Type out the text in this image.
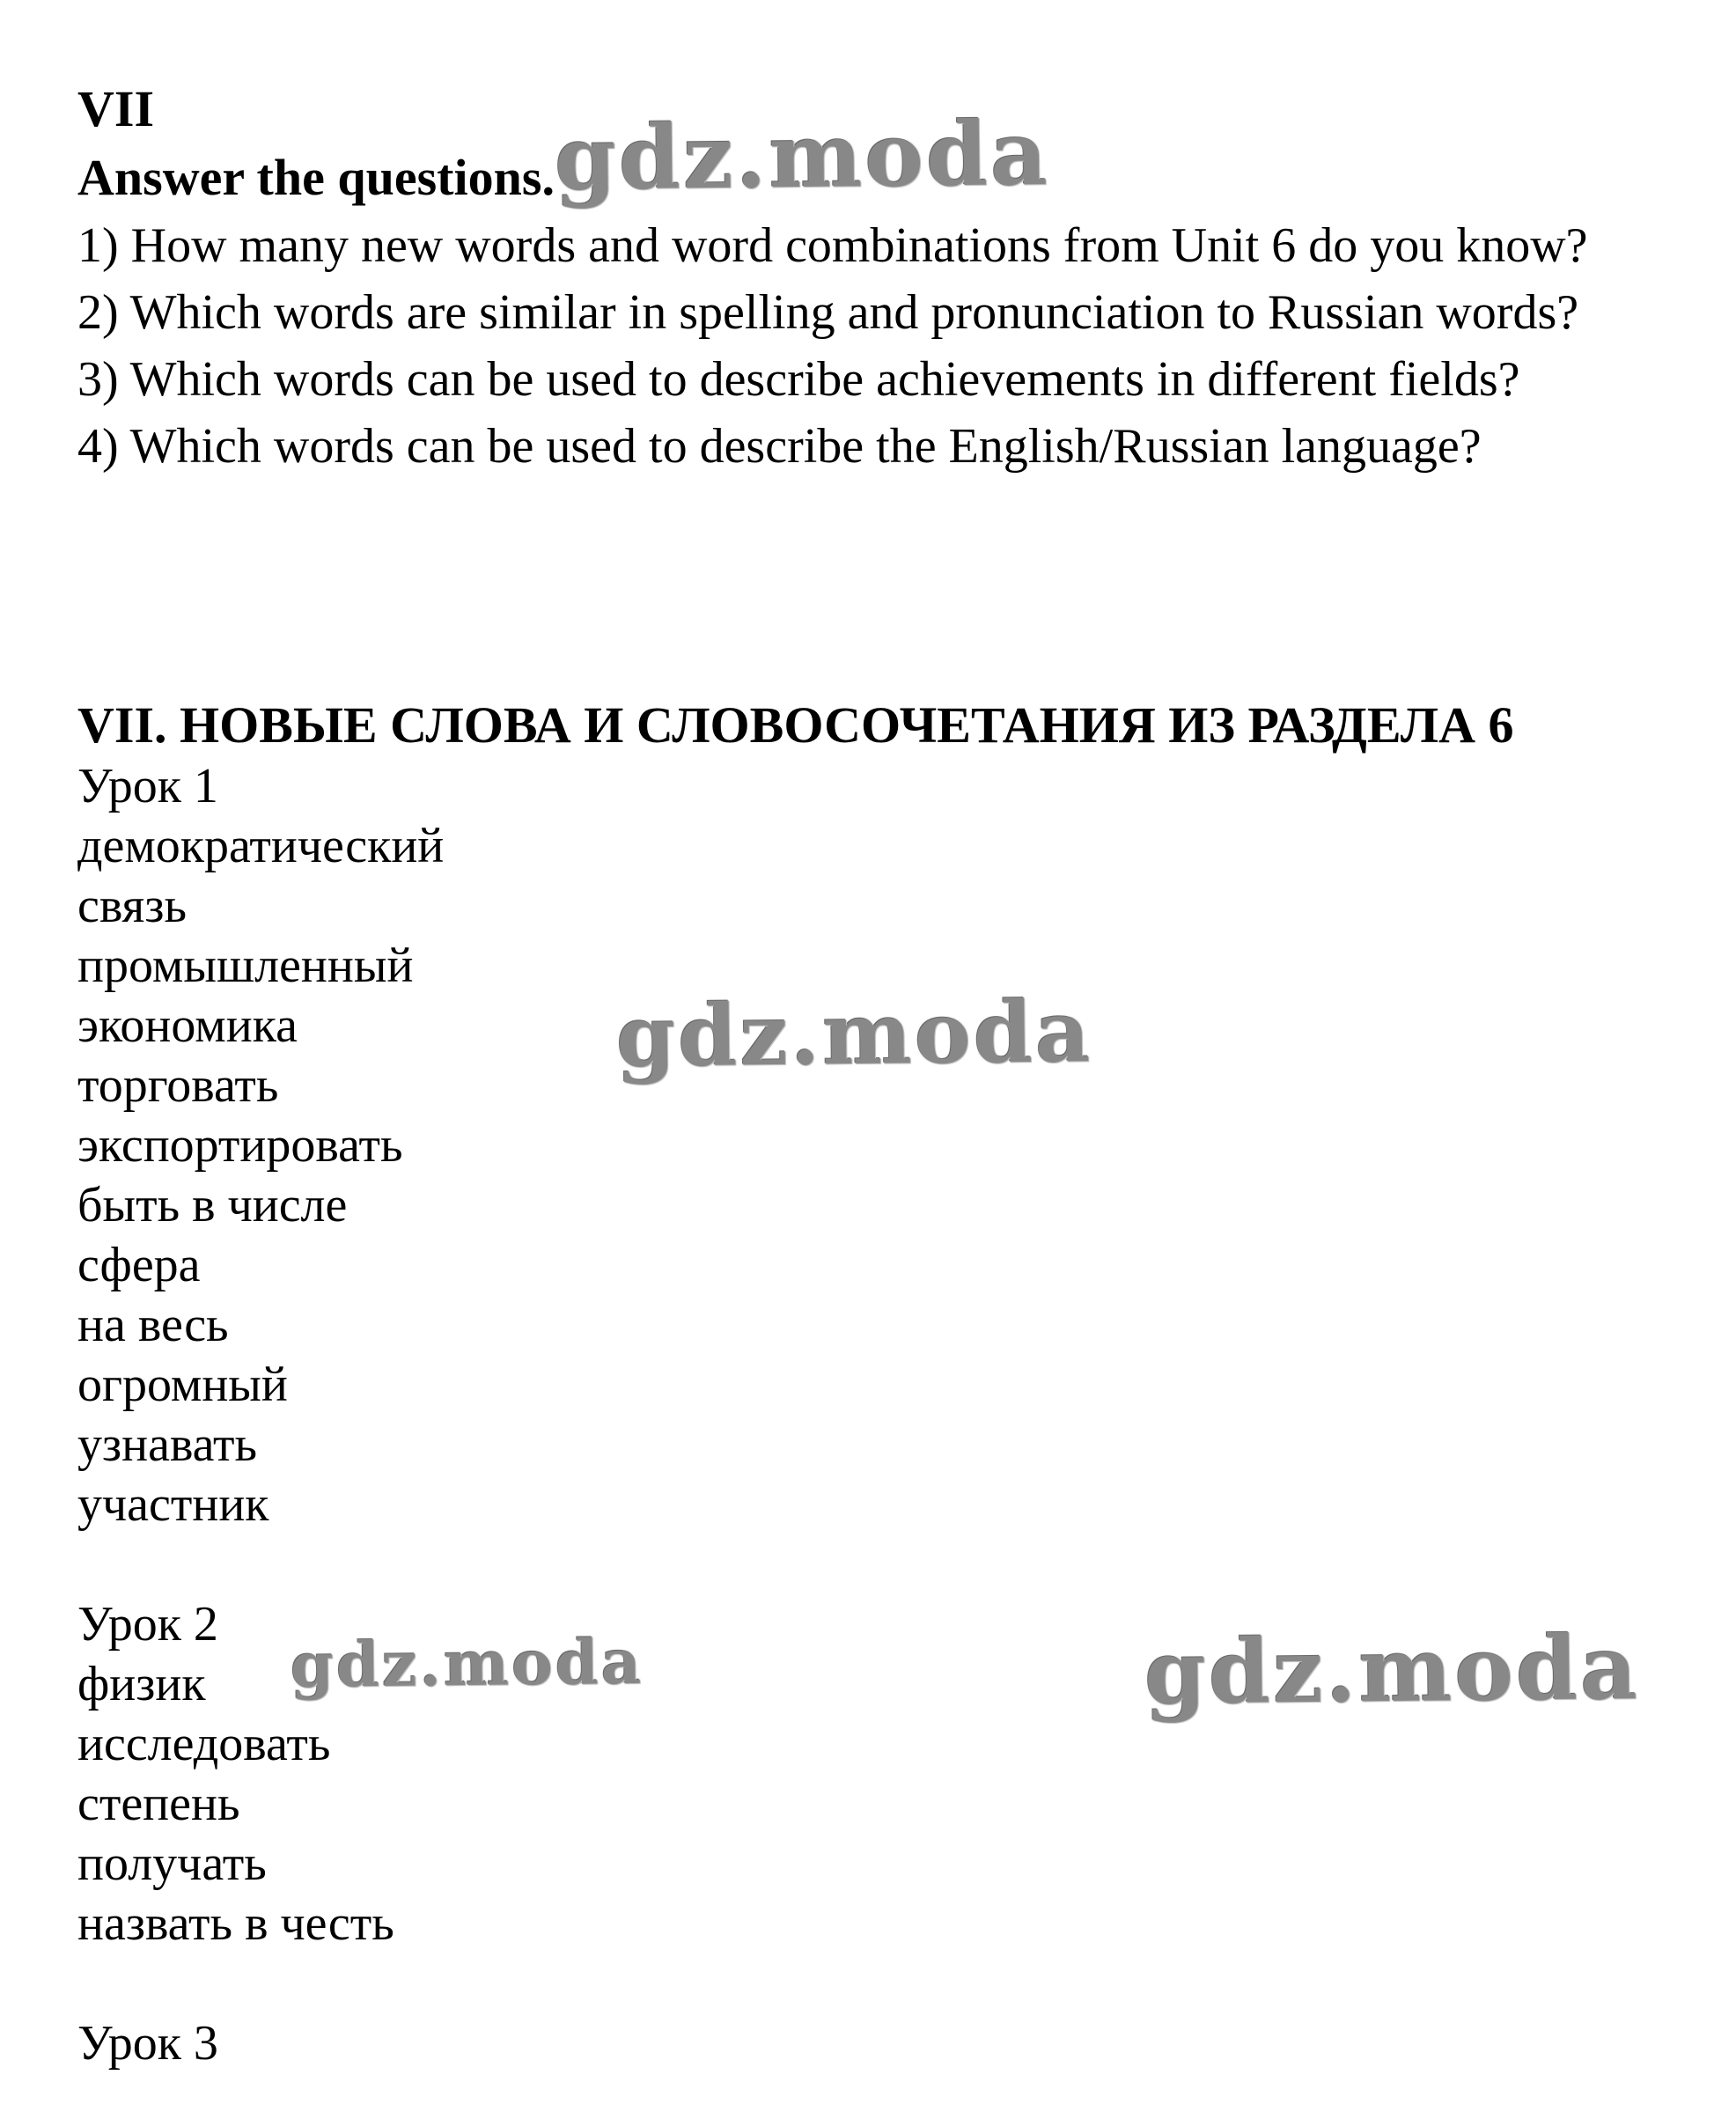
VII
Answer the questions.
1) How many new words and word combinations from Unit 6 do you know?
2) Which words are similar in spelling and pronunciation to Russian words?
3) Which words can be used to describe achievements in different fields?
4) Which words can be used to describe the English/Russian language?
VII. НОВЫЕ СЛОВА И СЛОВОСОЧЕТАНИЯ ИЗ РАЗДЕЛА 6
Урок 1
демократический
связь
промышленный
экономика
торговать
экспортировать
быть в числе
сфера
на весь
огромный
узнавать
участник
Урок 2
физик
исследовать
степень
получать
назвать в честь
Урок 3
gdz.moda
gdz.moda
gdz.moda	gdz.moda
